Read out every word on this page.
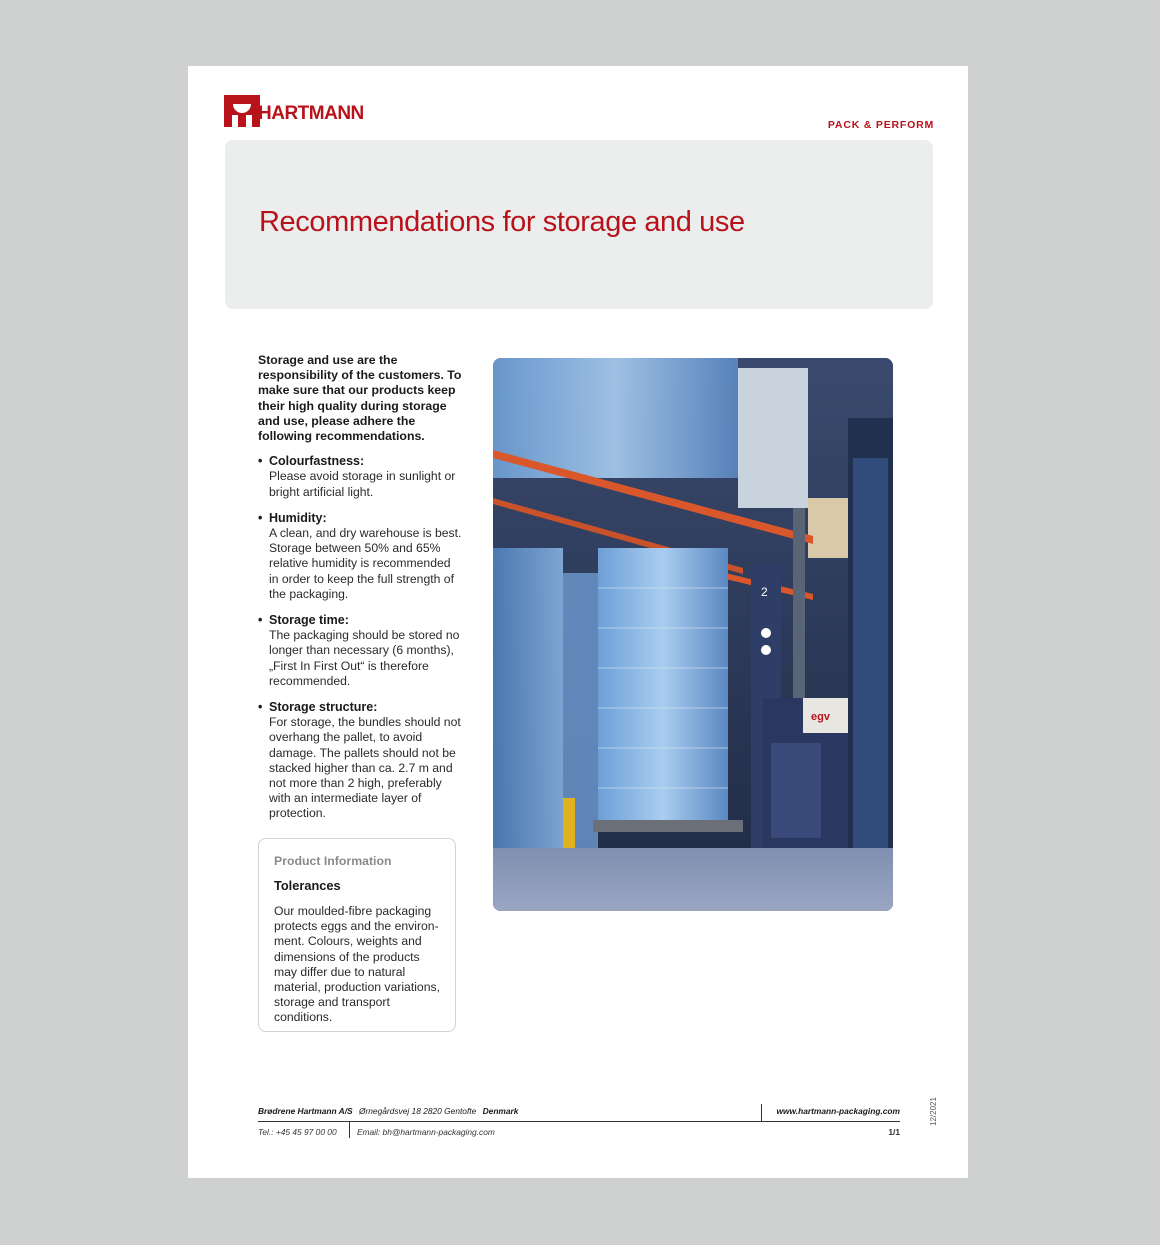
HARTMANN
PACK & PERFORM
Recommendations for storage and use

Storage and use are the responsibility of the customers. To make sure that our products keep their high quality during storage and use, please adhere the following recommendations.

• Colourfastness:
Please avoid storage in sunlight or bright artificial light.
• Humidity:
A clean, and dry warehouse is best. Storage between 50% and 65% relative humidity is recommended in order to keep the full strength of the packaging.
• Storage time:
The packaging should be stored no longer than necessary (6 months), „First In First Out“ is therefore recommended.
• Storage structure:
For storage, the bundles should not overhang the pallet, to avoid damage. The pallets should not be stacked higher than ca. 2.7 m and not more than 2 high, preferably with an intermediate layer of protection.
Product Information
Tolerances
Our moulded-fibre packaging protects eggs and the environ-ment. Colours, weights and dimensions of the products may differ due to natural material, production variations, storage and transport conditions.
2
egv
Brødrene Hartmann A/S Ørnegårdsvej 18 2820 Gentofte Denmark	www.hartmann-packaging.com
Tel.: +45 45 97 00 00 Email: bh@hartmann-packaging.com	1/1
12/2021
